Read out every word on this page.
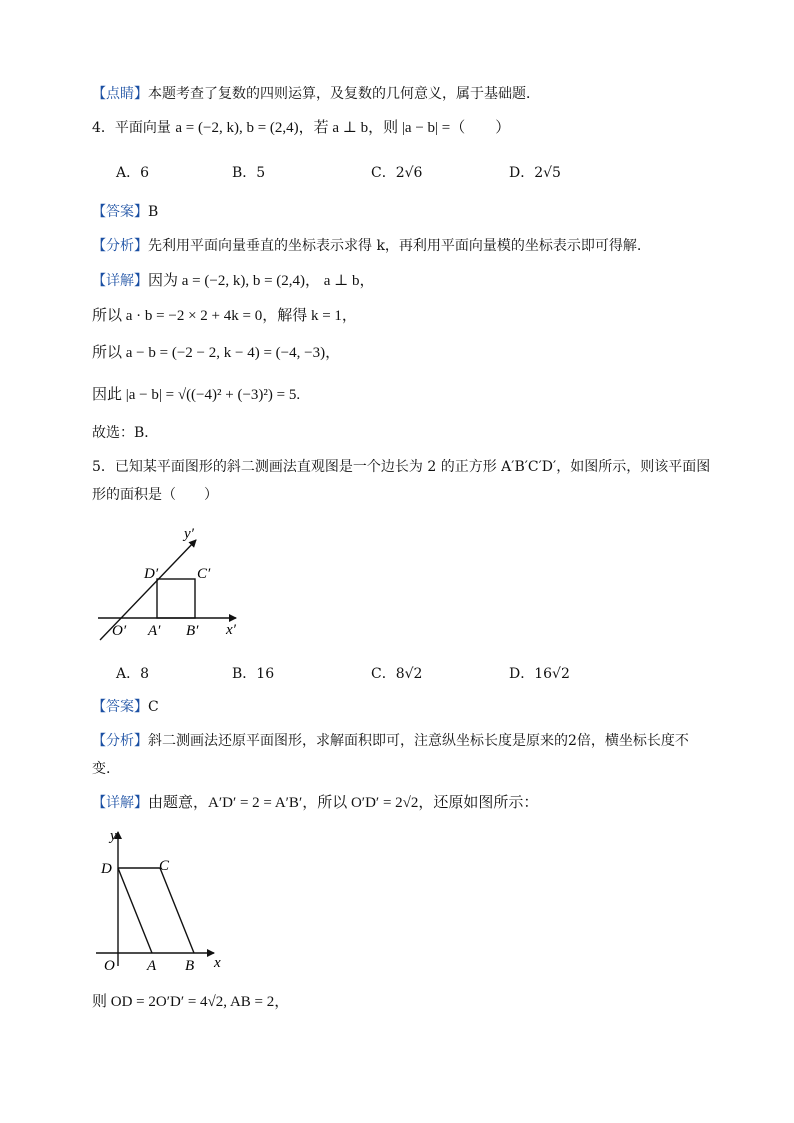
【点睛】本题考查了复数的四则运算，及复数的几何意义，属于基础题．
4．平面向量 a = (−2, k), b = (2,4)，若 a ⊥ b，则 |a − b| =（　　）
A．6	B．5	C．2√6	D．2√5
【答案】B
【分析】先利用平面向量垂直的坐标表示求得 k，再利用平面向量模的坐标表示即可得解.
【详解】因为 a = (−2, k), b = (2,4)， a ⊥ b，
所以 a · b = −2 × 2 + 4k = 0，解得 k = 1，
所以 a − b = (−2 − 2, k − 4) = (−4, −3)，
因此 |a − b| = √((−4)² + (−3)²) = 5.
故选：B．
5．已知某平面图形的斜二测画法直观图是一个边长为 2 的正方形 A′B′C′D′，如图所示，则该平面图
形的面积是（　　）
y′
x′
O′ A′ B′
D′	C′
A．8	B．16	C．8√2	D．16√2
【答案】C
【分析】斜二测画法还原平面图形，求解面积即可，注意纵坐标长度是原来的2倍，横坐标长度不
变.
【详解】由题意，A′D′ = 2 = A′B′，所以 O′D′ = 2√2，还原如图所示：
y
x
O A B
D	C
则 OD = 2O′D′ = 4√2, AB = 2，
